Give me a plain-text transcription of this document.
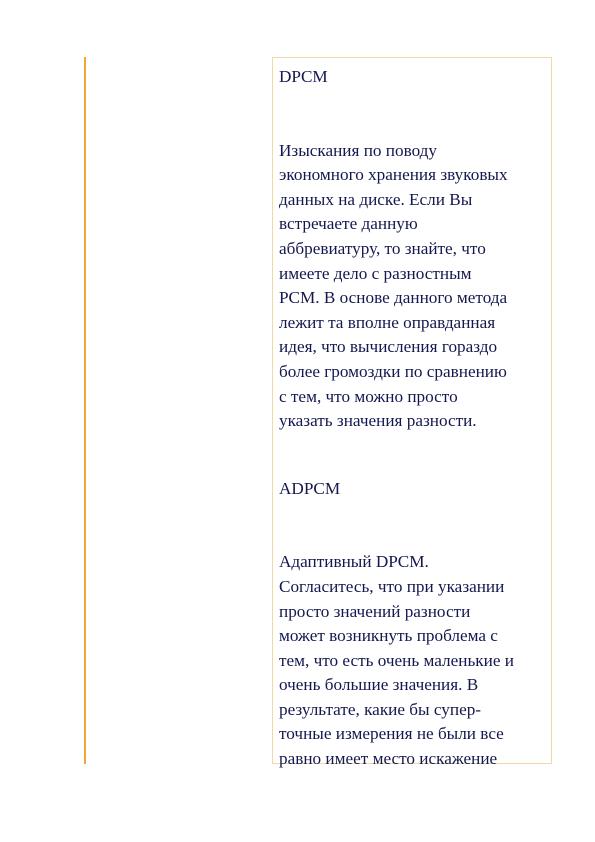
DPCM
Изыскания по поводу
экономного хранения звуковых
данных на диске. Если Вы
встречаете данную
аббревиатуру, то знайте, что
имеете дело с разностным
PCM. В основе данного метода
лежит та вполне оправданная
идея, что вычисления гораздо
более громоздки по сравнению
с тем, что можно просто
указать значения разности.
ADPCM
Адаптивный DPCM.
Согласитесь, что при указании
просто значений разности
может возникнуть проблема с
тем, что есть очень маленькие и
очень большие значения. В
результате, какие бы супер-
точные измерения не были все
равно имеет место искажение
